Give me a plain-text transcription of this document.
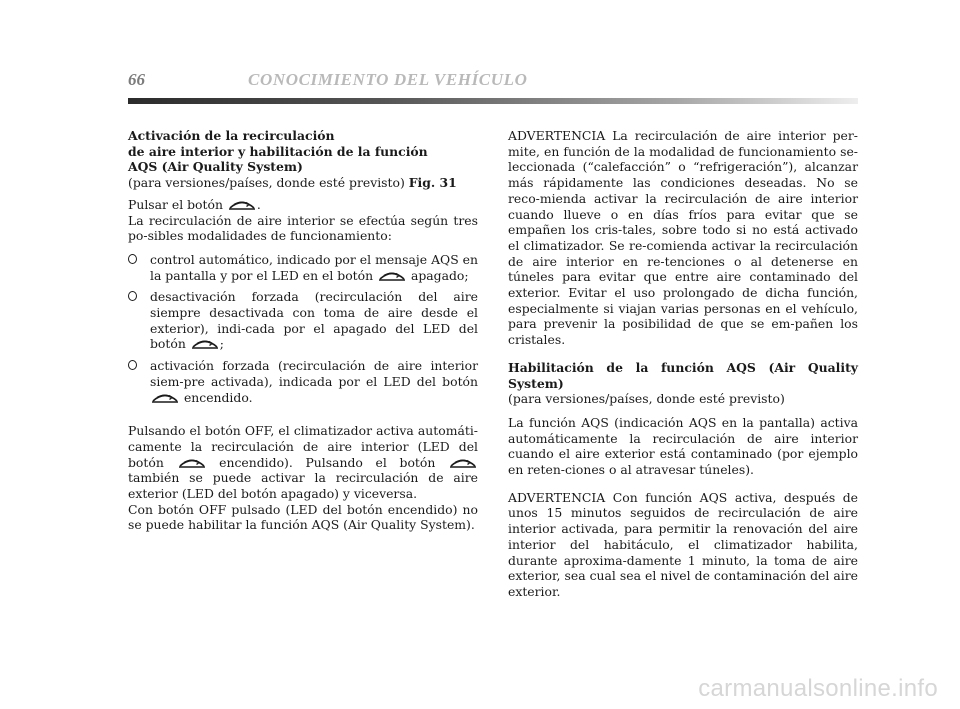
66	CONOCIMIENTO DEL VEHÍCULO

Activación de la recirculación
de aire interior y habilitación de la función
AQS (Air Quality System)
(para versiones/países, donde esté previsto) Fig. 31

Pulsar el botón
.

La recirculación de aire interior se efectúa según tres po-sibles modalidades de funcionamiento:

control automático, indicado por el mensaje AQS en la pantalla y por el LED en el botón
apagado;
desactivación forzada (recirculación del aire siempre desactivada con toma de aire desde el exterior), indi-cada por el apagado del LED del botón
;
activación forzada (recirculación de aire interior siem-pre activada), indicada por el LED del botón
encendido.

Pulsando el botón OFF, el climatizador activa automáti-camente la recirculación de aire interior (LED del botón
encendido). Pulsando el botón
también se puede activar la recirculación de aire exterior (LED del botón apagado) y viceversa.

Con botón OFF pulsado (LED del botón encendido) no se puede habilitar la función AQS (Air Quality System).

ADVERTENCIA La recirculación de aire interior per-mite, en función de la modalidad de funcionamiento se-leccionada (“calefacción” o “refrigeración”), alcanzar más rápidamente las condiciones deseadas. No se reco-mienda activar la recirculación de aire interior cuando llueve o en días fríos para evitar que se empañen los cris-tales, sobre todo si no está activado el climatizador. Se re-comienda activar la recirculación de aire interior en re-tenciones o al detenerse en túneles para evitar que entre aire contaminado del exterior. Evitar el uso prolongado de dicha función, especialmente si viajan varias personas en el vehículo, para prevenir la posibilidad de que se em-pañen los cristales.

Habilitación de la función AQS (Air Quality System)

(para versiones/países, donde esté previsto)

La función AQS (indicación AQS en la pantalla) activa automáticamente la recirculación de aire interior cuando el aire exterior está contaminado (por ejemplo en reten-ciones o al atravesar túneles).

ADVERTENCIA Con función AQS activa, después de unos 15 minutos seguidos de recirculación de aire interior activada, para permitir la renovación del aire interior del habitáculo, el climatizador habilita, durante aproxima-damente 1 minuto, la toma de aire exterior, sea cual sea el nivel de contaminación del aire exterior.

carmanualsonline.info
